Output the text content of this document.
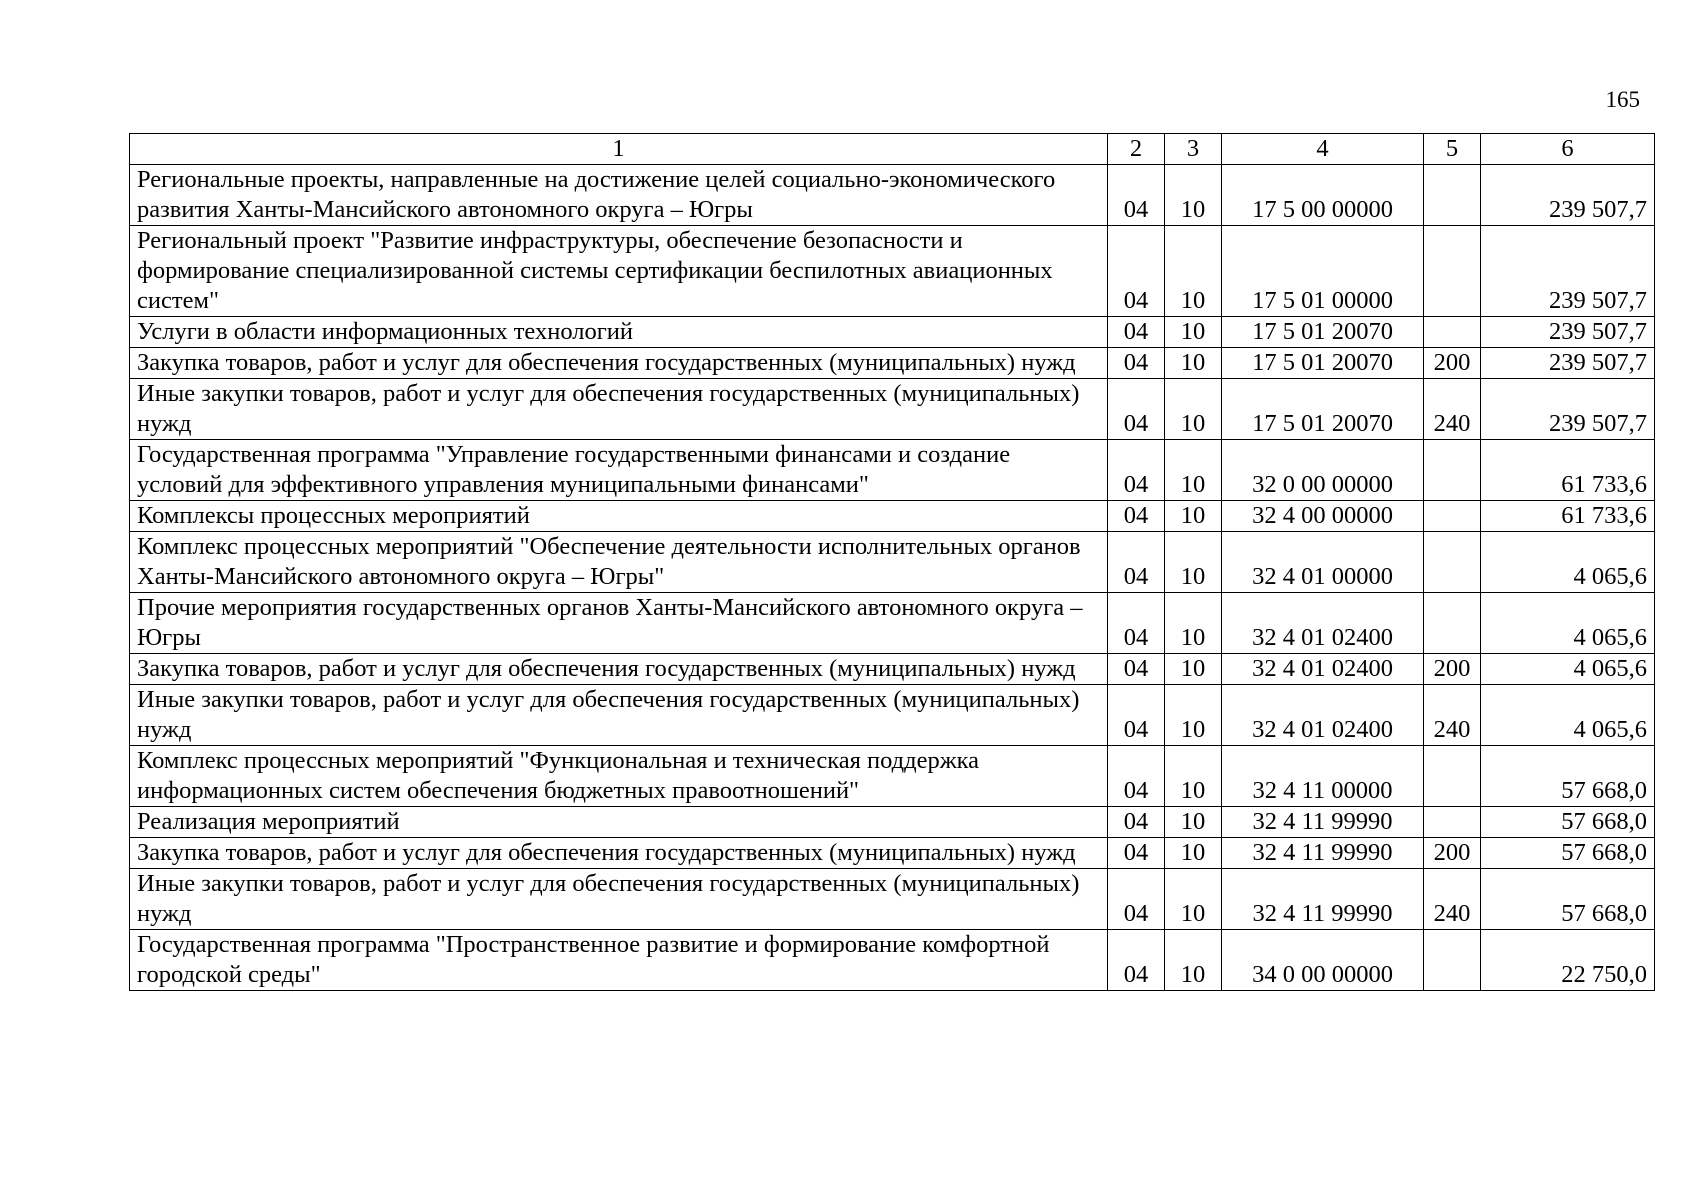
165
1	2	3	4	5	6
Региональные проекты, направленные на достижение целей социально-экономического развития Ханты-Мансийского автономного округа – Югры	04	10	17 5 00 00000		239 507,7
Региональный проект "Развитие инфраструктуры, обеспечение безопасности и формирование специализированной системы сертификации беспилотных авиационных систем"	04	10	17 5 01 00000		239 507,7
Услуги в области информационных технологий	04	10	17 5 01 20070		239 507,7
Закупка товаров, работ и услуг для обеспечения государственных (муниципальных) нужд	04	10	17 5 01 20070	200	239 507,7
Иные закупки товаров, работ и услуг для обеспечения государственных (муниципальных) нужд	04	10	17 5 01 20070	240	239 507,7
Государственная программа "Управление государственными финансами и создание условий для эффективного управления муниципальными финансами"	04	10	32 0 00 00000		61 733,6
Комплексы процессных мероприятий	04	10	32 4 00 00000		61 733,6
Комплекс процессных мероприятий "Обеспечение деятельности исполнительных органов Ханты-Мансийского автономного округа – Югры"	04	10	32 4 01 00000		4 065,6
Прочие мероприятия государственных органов Ханты-Мансийского автономного округа – Югры	04	10	32 4 01 02400		4 065,6
Закупка товаров, работ и услуг для обеспечения государственных (муниципальных) нужд	04	10	32 4 01 02400	200	4 065,6
Иные закупки товаров, работ и услуг для обеспечения государственных (муниципальных) нужд	04	10	32 4 01 02400	240	4 065,6
Комплекс процессных мероприятий "Функциональная и техническая поддержка информационных систем обеспечения бюджетных правоотношений"	04	10	32 4 11 00000		57 668,0
Реализация мероприятий	04	10	32 4 11 99990		57 668,0
Закупка товаров, работ и услуг для обеспечения государственных (муниципальных) нужд	04	10	32 4 11 99990	200	57 668,0
Иные закупки товаров, работ и услуг для обеспечения государственных (муниципальных) нужд	04	10	32 4 11 99990	240	57 668,0
Государственная программа "Пространственное развитие и формирование комфортной городской среды"	04	10	34 0 00 00000		22 750,0
